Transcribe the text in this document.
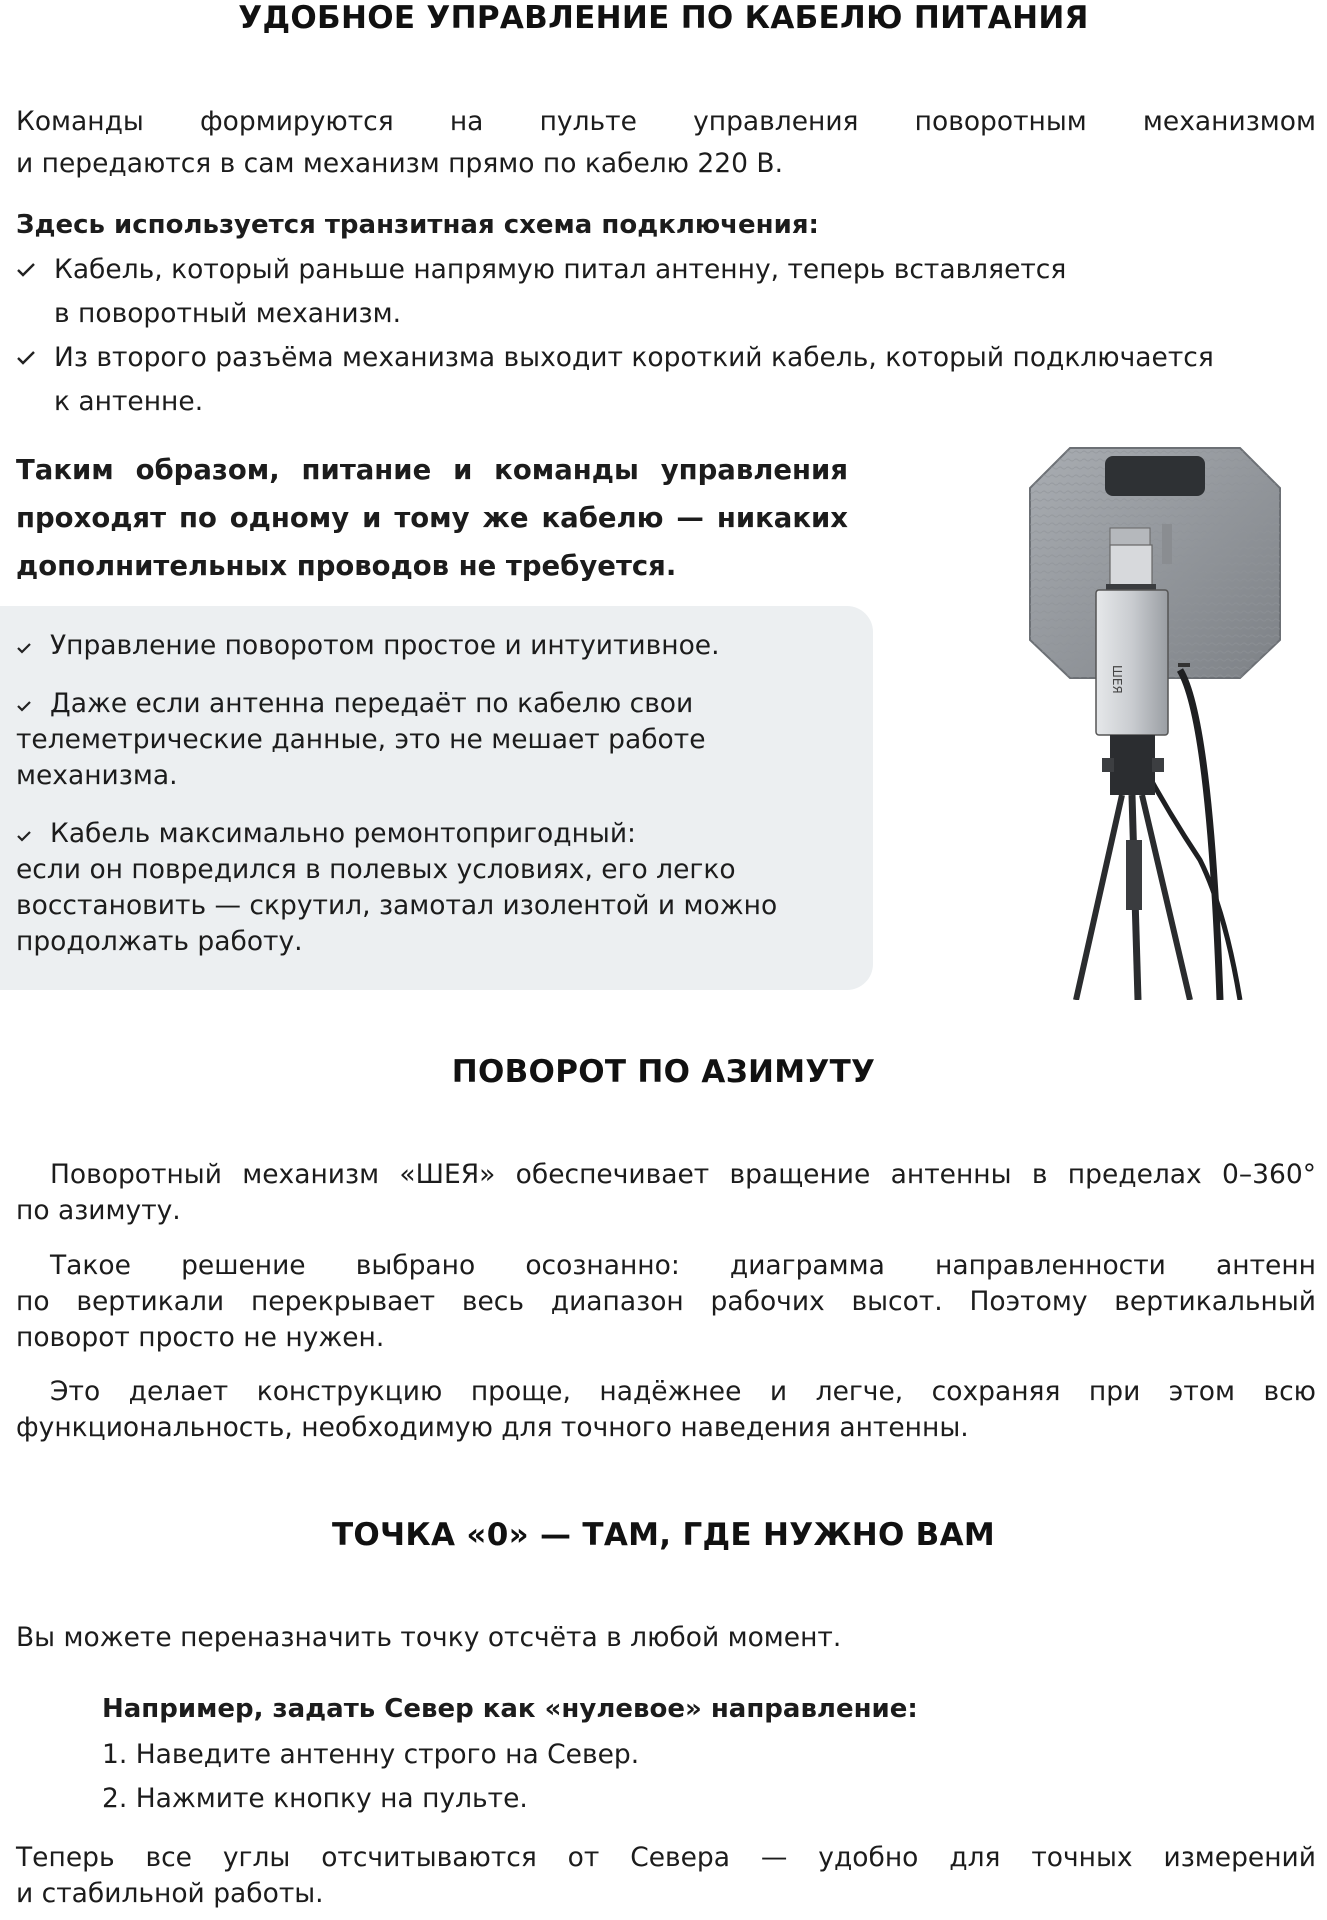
УДОБНОЕ УПРАВЛЕНИЕ ПО КАБЕЛЮ ПИТАНИЯ
Команды формируются на пульте управления поворотным механизмом
и передаются в сам механизм прямо по кабелю 220 В.
Здесь используется транзитная схема подключения:
Кабель, который раньше напрямую питал антенну, теперь вставляется
в поворотный механизм.
Из второго разъёма механизма выходит короткий кабель, который подключается
к антенне.
Таким образом, питание и команды управления
проходят по одному и тому же кабелю — никаких
дополнительных проводов не требуется.
Управление поворотом простое и интуитивное.
Даже если антенна передаёт по кабелю свои
телеметрические данные, это не мешает работе
механизма.
Кабель максимально ремонтопригодный:
если он повредился в полевых условиях, его легко
восстановить — скрутил, замотал изолентой и можно
продолжать работу.
ШЕЯ
ПОВОРОТ ПО АЗИМУТУ
Поворотный механизм «ШЕЯ» обеспечивает вращение антенны в пределах 0–360°
по азимуту.
Такое решение выбрано осознанно: диаграмма направленности антенн
по вертикали перекрывает весь диапазон рабочих высот. Поэтому вертикальный
поворот просто не нужен.
Это делает конструкцию проще, надёжнее и легче, сохраняя при этом всю
функциональность, необходимую для точного наведения антенны.
ТОЧКА «0» — ТАМ, ГДЕ НУЖНО ВАМ
Вы можете переназначить точку отсчёта в любой момент.
Например, задать Север как «нулевое» направление:
1. Наведите антенну строго на Север.
2. Нажмите кнопку на пульте.
Теперь все углы отсчитываются от Севера — удобно для точных измерений
и стабильной работы.
